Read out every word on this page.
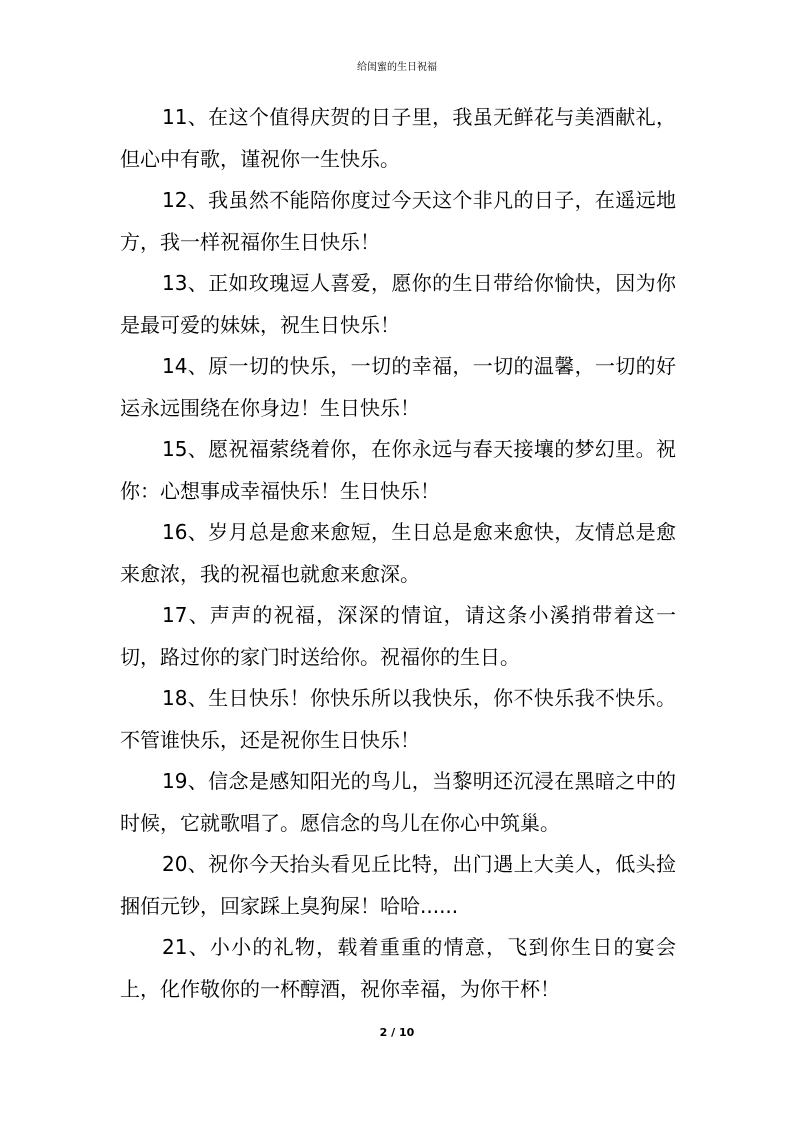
给闺蜜的生日祝福

11、在这个值得庆贺的日子里，我虽无鲜花与美酒献礼，但心中有歌，谨祝你一生快乐。

12、我虽然不能陪你度过今天这个非凡的日子，在遥远地方，我一样祝福你生日快乐！

13、正如玫瑰逗人喜爱，愿你的生日带给你愉快，因为你是最可爱的妹妹，祝生日快乐！

14、原一切的快乐，一切的幸福，一切的温馨，一切的好运永远围绕在你身边！生日快乐！

15、愿祝福萦绕着你，在你永远与春天接壤的梦幻里。祝你：心想事成幸福快乐！生日快乐！

16、岁月总是愈来愈短，生日总是愈来愈快，友情总是愈来愈浓，我的祝福也就愈来愈深。

17、声声的祝福，深深的情谊，请这条小溪捎带着这一切，路过你的家门时送给你。祝福你的生日。

18、生日快乐！你快乐所以我快乐，你不快乐我不快乐。不管谁快乐，还是祝你生日快乐！

19、信念是感知阳光的鸟儿，当黎明还沉浸在黑暗之中的时候，它就歌唱了。愿信念的鸟儿在你心中筑巢。

20、祝你今天抬头看见丘比特，出门遇上大美人，低头捡捆佰元钞，回家踩上臭狗屎！哈哈......

21、小小的礼物，载着重重的情意，飞到你生日的宴会上，化作敬你的一杯醇酒，祝你幸福，为你干杯！

2 / 10
